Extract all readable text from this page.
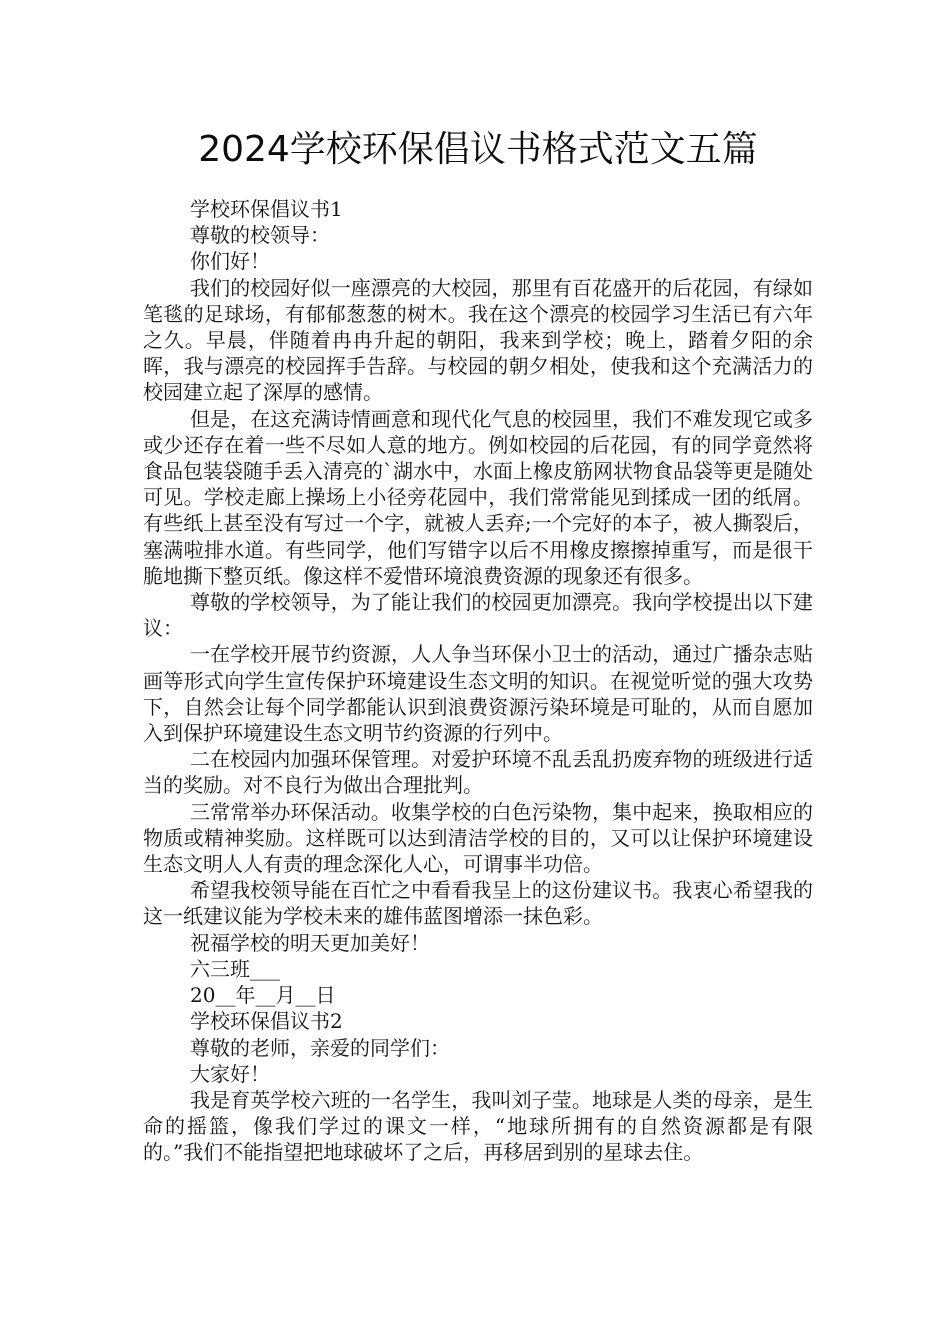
2024学校环保倡议书格式范文五篇

学校环保倡议书1

尊敬的校领导：

你们好！

我们的校园好似一座漂亮的大校园，那里有百花盛开的后花园，有绿如笔毯的足球场，有郁郁葱葱的树木。我在这个漂亮的校园学习生活已有六年之久。早晨，伴随着冉冉升起的朝阳，我来到学校；晚上，踏着夕阳的余晖，我与漂亮的校园挥手告辞。与校园的朝夕相处，使我和这个充满活力的校园建立起了深厚的感情。

但是，在这充满诗情画意和现代化气息的校园里，我们不难发现它或多或少还存在着一些不尽如人意的地方。例如校园的后花园，有的同学竟然将食品包装袋随手丢入清亮的`湖水中，水面上橡皮筋网状物食品袋等更是随处可见。学校走廊上操场上小径旁花园中，我们常常能见到揉成一团的纸屑。有些纸上甚至没有写过一个字，就被人丢弃;一个完好的本子，被人撕裂后，塞满啦排水道。有些同学，他们写错字以后不用橡皮擦擦掉重写，而是很干脆地撕下整页纸。像这样不爱惜环境浪费资源的现象还有很多。

尊敬的学校领导，为了能让我们的校园更加漂亮。我向学校提出以下建议：

一在学校开展节约资源，人人争当环保小卫士的活动，通过广播杂志贴画等形式向学生宣传保护环境建设生态文明的知识。在视觉听觉的强大攻势下，自然会让每个同学都能认识到浪费资源污染环境是可耻的，从而自愿加入到保护环境建设生态文明节约资源的行列中。

二在校园内加强环保管理。对爱护环境不乱丢乱扔废弃物的班级进行适当的奖励。对不良行为做出合理批判。

三常常举办环保活动。收集学校的白色污染物，集中起来，换取相应的物质或精神奖励。这样既可以达到清洁学校的目的，又可以让保护环境建设生态文明人人有责的理念深化人心，可谓事半功倍。

希望我校领导能在百忙之中看看我呈上的这份建议书。我衷心希望我的这一纸建议能为学校未来的雄伟蓝图增添一抹色彩。

祝福学校的明天更加美好！

六三班___

20__年__月__日

学校环保倡议书2

尊敬的老师，亲爱的同学们：

大家好！

我是育英学校六班的一名学生，我叫刘子莹。地球是人类的母亲，是生命的摇篮，像我们学过的课文一样，“地球所拥有的自然资源都是有限的。”我们不能指望把地球破坏了之后，再移居到别的星球去住。
